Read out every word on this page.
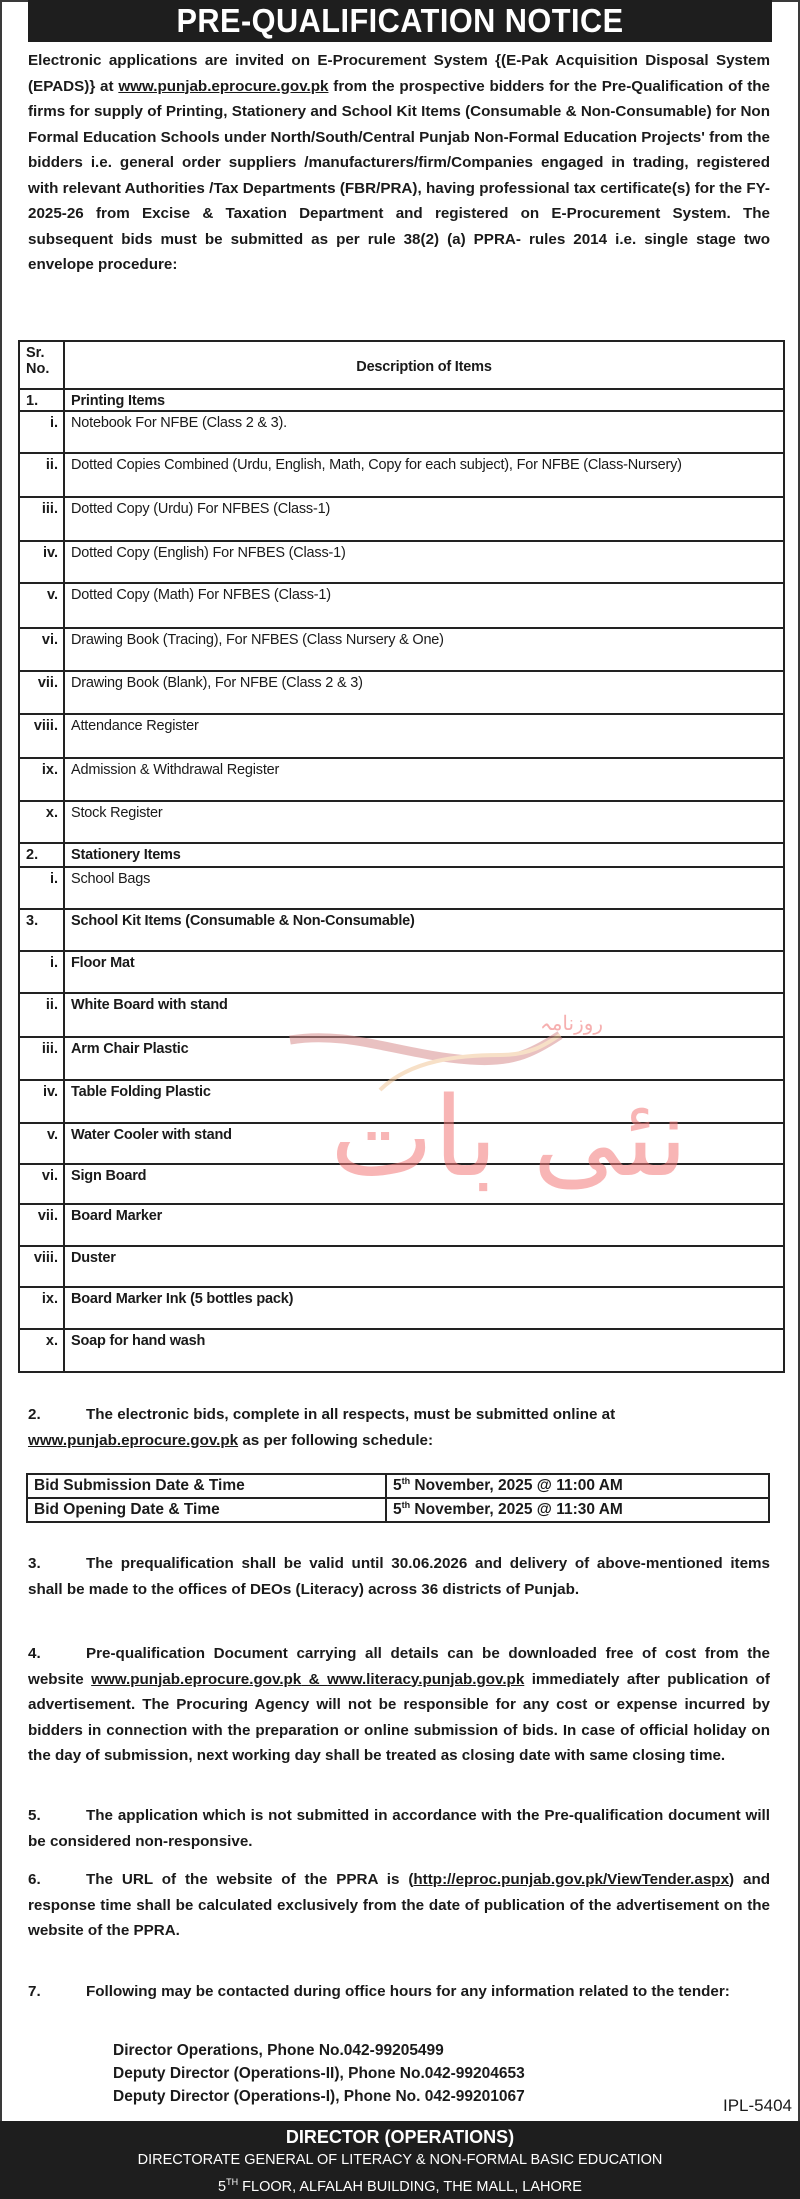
PRE-QUALIFICATION NOTICE
Electronic applications are invited on E-Procurement System {(E-Pak Acquisition Disposal System (EPADS)} at www.punjab.eprocure.gov.pk from the prospective bidders for the Pre-Qualification of the firms for supply of Printing, Stationery and School Kit Items (Consumable & Non-Consumable) for Non Formal Education Schools under North/South/Central Punjab Non-Formal Education Projects' from the bidders i.e. general order suppliers /manufacturers/firm/Companies engaged in trading, registered with relevant Authorities /Tax Departments (FBR/PRA), having professional tax certificate(s) for the FY-2025-26 from Excise & Taxation Department and registered on E-Procurement System. The subsequent bids must be submitted as per rule 38(2) (a) PPRA- rules 2014 i.e. single stage two envelope procedure:
Sr. No.	Description of Items
1.	Printing Items
i.	Notebook For NFBE (Class 2 & 3).
ii.	Dotted Copies Combined (Urdu, English, Math, Copy for each subject), For NFBE (Class-Nursery)
iii.	Dotted Copy (Urdu) For NFBES (Class-1)
iv.	Dotted Copy (English) For NFBES (Class-1)
v.	Dotted Copy (Math) For NFBES (Class-1)
vi.	Drawing Book (Tracing), For NFBES (Class Nursery & One)
vii.	Drawing Book (Blank), For NFBE (Class 2 & 3)
viii.	Attendance Register
ix.	Admission & Withdrawal Register
x.	Stock Register
2.	Stationery Items
i.	School Bags
3.	School Kit Items (Consumable & Non-Consumable)
i.	Floor Mat
ii.	White Board with stand
iii.	Arm Chair Plastic
iv.	Table Folding Plastic
v.	Water Cooler with stand
vi.	Sign Board
vii.	Board Marker
viii.	Duster
ix.	Board Marker Ink (5 bottles pack)
x.	Soap for hand wash
روزنامہ
نئی بات
2.	The electronic bids, complete in all respects, must be submitted online at
www.punjab.eprocure.gov.pk as per following schedule:
Bid Submission Date & Time	5th November, 2025 @ 11:00 AM
Bid Opening Date & Time	5th November, 2025 @ 11:30 AM
3.	The prequalification shall be valid until 30.06.2026 and delivery of above-mentioned items shall be made to the offices of DEOs (Literacy) across 36 districts of Punjab.
4.	Pre-qualification Document carrying all details can be downloaded free of cost from the website www.punjab.eprocure.gov.pk & www.literacy.punjab.gov.pk immediately after publication of advertisement. The Procuring Agency will not be responsible for any cost or expense incurred by bidders in connection with the preparation or online submission of bids. In case of official holiday on the day of submission, next working day shall be treated as closing date with same closing time.
5.	The application which is not submitted in accordance with the Pre-qualification document will be considered non-responsive.
6.	The URL of the website of the PPRA is (http://eproc.punjab.gov.pk/ViewTender.aspx) and response time shall be calculated exclusively from the date of publication of the advertisement on the website of the PPRA.
7.	Following may be contacted during office hours for any information related to the tender:
Director Operations, Phone No.042-99205499
Deputy Director (Operations-II), Phone No.042-99204653
Deputy Director (Operations-I), Phone No. 042-99201067	IPL-5404
DIRECTOR (OPERATIONS)
DIRECTORATE GENERAL OF LITERACY & NON-FORMAL BASIC EDUCATION
5TH FLOOR, ALFALAH BUILDING, THE MALL, LAHORE
